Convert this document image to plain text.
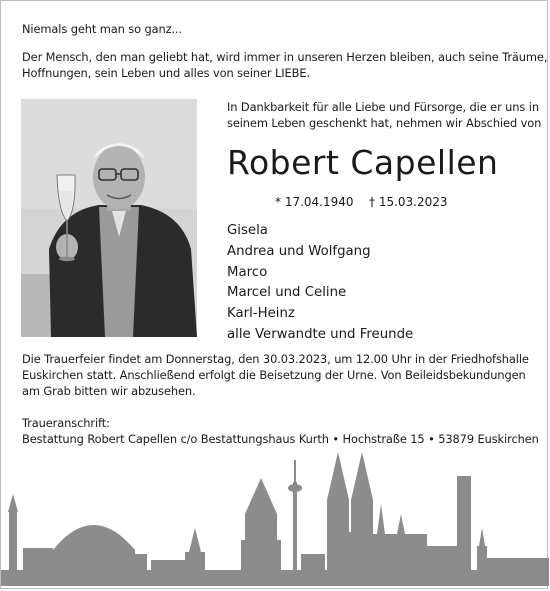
Niemals geht man so ganz...

Der Mensch, den man geliebt hat, wird immer in unseren Herzen bleiben, auch seine Träume,

Hoffnungen, sein Leben und alles von seiner LIEBE.

In Dankbarkeit für alle Liebe und Fürsorge, die er uns in

seinem Leben geschenkt hat, nehmen wir Abschied von

Robert Capellen
* 17.04.1940 † 15.03.2023
Gisela
Andrea und Wolfgang
Marco
Marcel und Celine
Karl-Heinz
alle Verwandte und Freunde

Die Trauerfeier findet am Donnerstag, den 30.03.2023, um 12.00 Uhr in der Friedhofshalle

Euskirchen statt. Anschließend erfolgt die Beisetzung der Urne. Von Beileidsbekundungen

am Grab bitten wir abzusehen.

Traueranschrift:

Bestattung Robert Capellen c/o Bestattungshaus Kurth • Hochstraße 15 • 53879 Euskirchen
